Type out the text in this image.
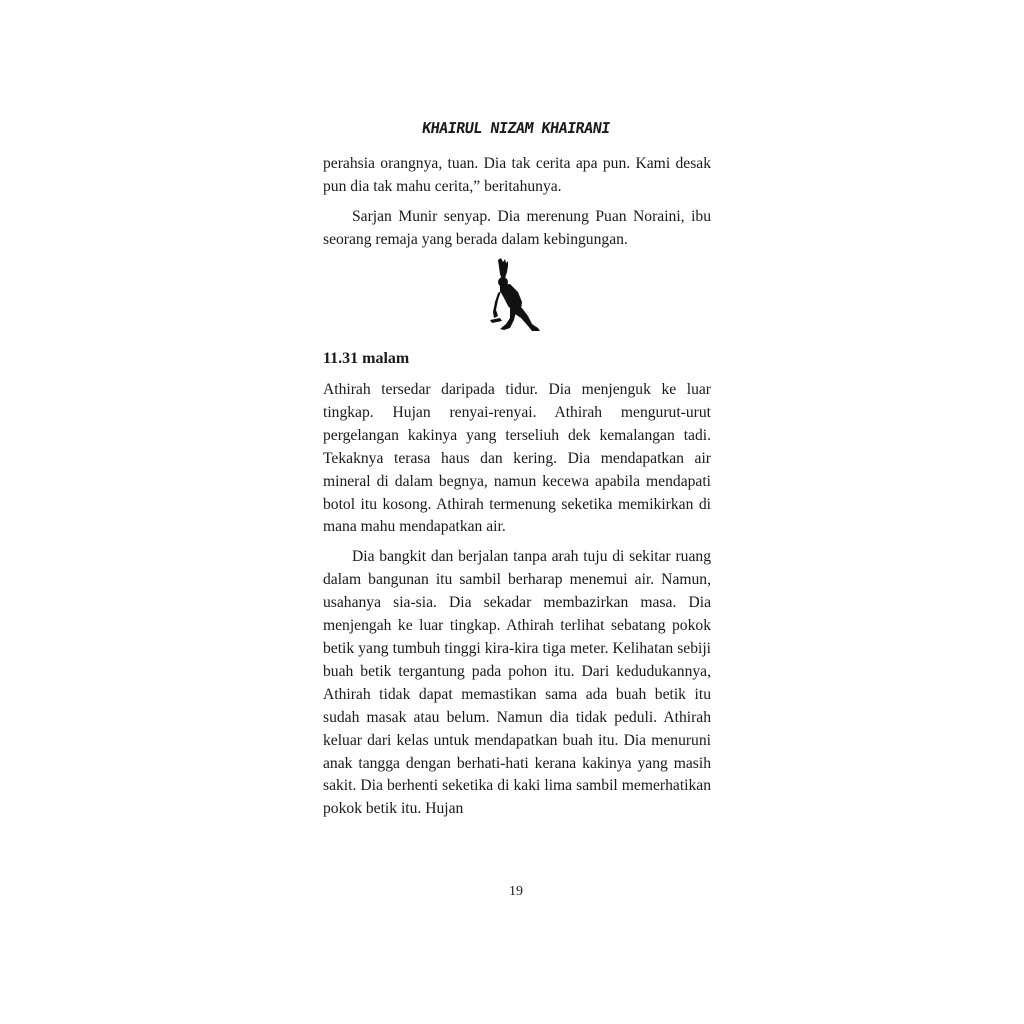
KHAIRUL NIZAM KHAIRANI

perahsia orangnya, tuan. Dia tak cerita apa pun. Kami desak pun dia tak mahu cerita,” beritahunya.

Sarjan Munir senyap. Dia merenung Puan Noraini, ibu seorang remaja yang berada dalam kebingungan.

11.31 malam

Athirah tersedar daripada tidur. Dia menjenguk ke luar tingkap. Hujan renyai-renyai. Athirah mengurut-urut pergelangan kakinya yang terseliuh dek kemalangan tadi. Tekaknya terasa haus dan kering. Dia mendapatkan air mineral di dalam begnya, namun kecewa apabila mendapati botol itu kosong. Athirah termenung seketika memikirkan di mana mahu mendapatkan air.

Dia bangkit dan berjalan tanpa arah tuju di sekitar ruang dalam bangunan itu sambil berharap menemui air. Namun, usahanya sia-sia. Dia sekadar membazirkan masa. Dia menjengah ke luar tingkap. Athirah terlihat sebatang pokok betik yang tumbuh tinggi kira-kira tiga meter. Kelihatan sebiji buah betik tergantung pada pohon itu. Dari kedudukannya, Athirah tidak dapat memastikan sama ada buah betik itu sudah masak atau belum. Namun dia tidak peduli. Athirah keluar dari kelas untuk mendapatkan buah itu. Dia menuruni anak tangga dengan berhati-hati kerana kakinya yang masih sakit. Dia berhenti seketika di kaki lima sambil memerhatikan pokok betik itu. Hujan

19
